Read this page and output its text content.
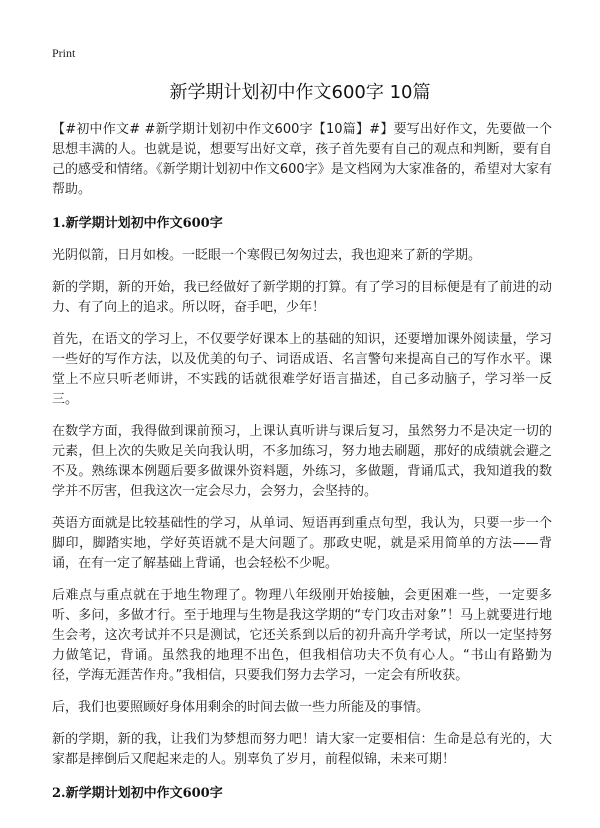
Print
新学期计划初中作文600字 10篇

【#初中作文# #新学期计划初中作文600字【10篇】#】要写出好作文，先要做一个思想丰满的人。也就是说，想要写出好文章，孩子首先要有自己的观点和判断，要有自己的感受和情绪。《新学期计划初中作文600字》是文档网为大家准备的，希望对大家有帮助。

1.新学期计划初中作文600字

光阴似箭，日月如梭。一眨眼一个寒假已匆匆过去，我也迎来了新的学期。

新的学期，新的开始，我已经做好了新学期的打算。有了学习的目标便是有了前进的动力、有了向上的追求。所以呀，奋手吧，少年！

首先，在语文的学习上，不仅要学好课本上的基础的知识，还要增加课外阅读量，学习一些好的写作方法，以及优美的句子、词语成语、名言警句来提高自己的写作水平。课堂上不应只听老师讲，不实践的话就很难学好语言描述，自己多动脑子，学习举一反三。

在数学方面，我得做到课前预习，上课认真听讲与课后复习，虽然努力不是决定一切的元素，但上次的失败足关向我认明，不多加练习，努力地去刷题，那好的成绩就会避之不及。熟练课本例题后要多做课外资料题，外练习，多做题，背诵瓜式，我知道我的数学并不厉害，但我这次一定会尽力，会努力，会坚持的。

英语方面就是比较基础性的学习，从单词、短语再到重点句型，我认为，只要一步一个脚印，脚踏实地，学好英语就不是大问题了。那政史呢，就是采用简单的方法——背诵，在有一定了解基础上背诵，也会轻松不少呢。

后难点与重点就在于地生物理了。物理八年级刚开始接触，会更困难一些，一定要多听、多问，多做才行。至于地理与生物是我这学期的“专门攻击对象”！马上就要进行地生会考，这次考试并不只是测试，它还关系到以后的初升高升学考试，所以一定坚持努力做笔记，背诵。虽然我的地理不出色，但我相信功夫不负有心人。“书山有路勤为径，学海无涯苦作舟。”我相信，只要我们努力去学习，一定会有所收获。

后，我们也要照顾好身体用剩余的时间去做一些力所能及的事情。

新的学期，新的我，让我们为梦想而努力吧！请大家一定要相信：生命是总有光的，大家都是摔倒后又爬起来走的人。别辜负了岁月，前程似锦，未来可期！

2.新学期计划初中作文600字
